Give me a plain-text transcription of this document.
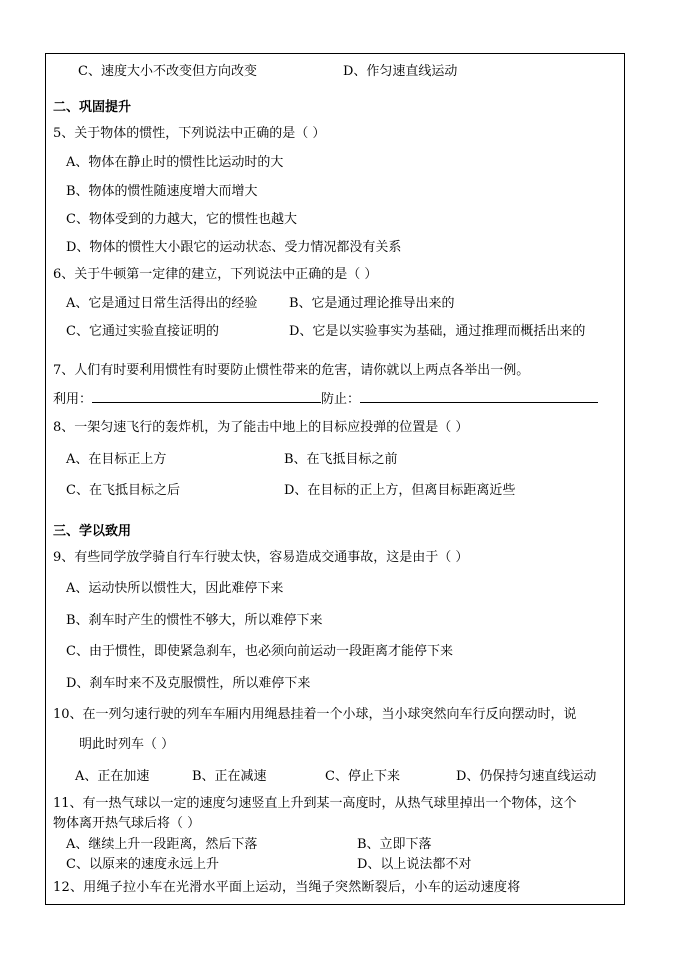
C、速度大小不改变但方向改变	D、作匀速直线运动
二、巩固提升
5、关于物体的惯性，下列说法中正确的是（ ）
A、物体在静止时的惯性比运动时的大
B、物体的惯性随速度增大而增大
C、物体受到的力越大，它的惯性也越大
D、物体的惯性大小跟它的运动状态、受力情况都没有关系
6、关于牛顿第一定律的建立，下列说法中正确的是（ ）
A、它是通过日常生活得出的经验 B、它是通过理论推导出来的
C、它通过实验直接证明的	D、它是以实验事实为基础，通过推理而概括出来的
7、人们有时要利用惯性有时要防止惯性带来的危害，请你就以上两点各举出一例。
利用：	防止：
8、一架匀速飞行的轰炸机，为了能击中地上的目标应投弹的位置是（ ）
A、在目标正上方	B、在飞抵目标之前
C、在飞抵目标之后	D、在目标的正上方，但离目标距离近些
三、学以致用
9、有些同学放学骑自行车行驶太快，容易造成交通事故，这是由于（ ）
A、运动快所以惯性大，因此难停下来
B、刹车时产生的惯性不够大，所以难停下来
C、由于惯性，即使紧急刹车，也必须向前运动一段距离才能停下来
D、刹车时来不及克服惯性，所以难停下来
10、在一列匀速行驶的列车车厢内用绳悬挂着一个小球，当小球突然向车行反向摆动时，说
明此时列车（ ）
A、正在加速	B、正在减速	C、停止下来	D、仍保持匀速直线运动
11、有一热气球以一定的速度匀速竖直上升到某一高度时，从热气球里掉出一个物体，这个
物体离开热气球后将（ ）
A、继续上升一段距离，然后下落	B、立即下落
C、以原来的速度永远上升	D、以上说法都不对
12、用绳子拉小车在光滑水平面上运动，当绳子突然断裂后，小车的运动速度将
